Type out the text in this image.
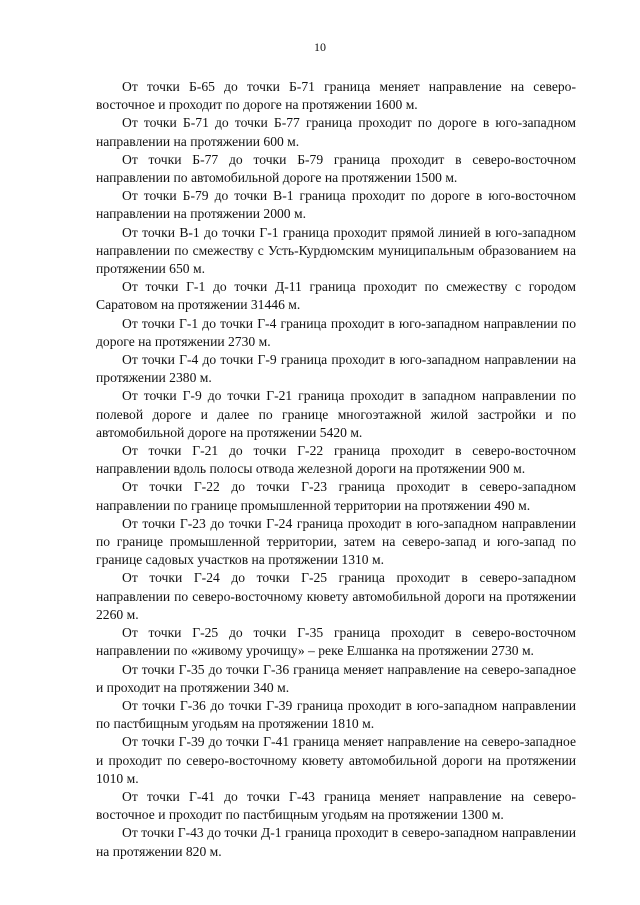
10

От точки Б-65 до точки Б-71 граница меняет направление на северо-восточное и проходит по дороге на протяжении 1600 м.

От точки Б-71 до точки Б-77 граница проходит по дороге в юго-западном направлении на протяжении 600 м.

От точки Б-77 до точки Б-79 граница проходит в северо-восточном направлении по автомобильной дороге на протяжении 1500 м.

От точки Б-79 до точки В-1 граница проходит по дороге в юго-восточном направлении на протяжении 2000 м.

От точки В-1 до точки Г-1 граница проходит прямой линией в юго-западном направлении по смежеству с Усть-Курдюмским муниципальным образованием на протяжении 650 м.

От точки Г-1 до точки Д-11 граница проходит по смежеству с городом Саратовом на протяжении 31446 м.

От точки Г-1 до точки Г-4 граница проходит в юго-западном направлении по дороге на протяжении 2730 м.

От точки Г-4 до точки Г-9 граница проходит в юго-западном направлении на протяжении 2380 м.

От точки Г-9 до точки Г-21 граница проходит в западном направлении по полевой дороге и далее по границе многоэтажной жилой застройки и по автомобильной дороге на протяжении 5420 м.

От точки Г-21 до точки Г-22 граница проходит в северо-восточном направлении вдоль полосы отвода железной дороги на протяжении 900 м.

От точки Г-22 до точки Г-23 граница проходит в северо-западном направлении по границе промышленной территории на протяжении 490 м.

От точки Г-23 до точки Г-24 граница проходит в юго-западном направлении по границе промышленной территории, затем на северо-запад и юго-запад по границе садовых участков на протяжении 1310 м.

От точки Г-24 до точки Г-25 граница проходит в северо-западном направлении по северо-восточному кювету автомобильной дороги на протяжении 2260 м.

От точки Г-25 до точки Г-35 граница проходит в северо-восточном направлении по «живому урочищу» – реке Елшанка на протяжении 2730 м.

От точки Г-35 до точки Г-36 граница меняет направление на северо-западное и проходит на протяжении 340 м.

От точки Г-36 до точки Г-39 граница проходит в юго-западном направлении по пастбищным угодьям на протяжении 1810 м.

От точки Г-39 до точки Г-41 граница меняет направление на северо-западное и проходит по северо-восточному кювету автомобильной дороги на протяжении 1010 м.

От точки Г-41 до точки Г-43 граница меняет направление на северо-восточное и проходит по пастбищным угодьям на протяжении 1300 м.

От точки Г-43 до точки Д-1 граница проходит в северо-западном направлении на протяжении 820 м.
